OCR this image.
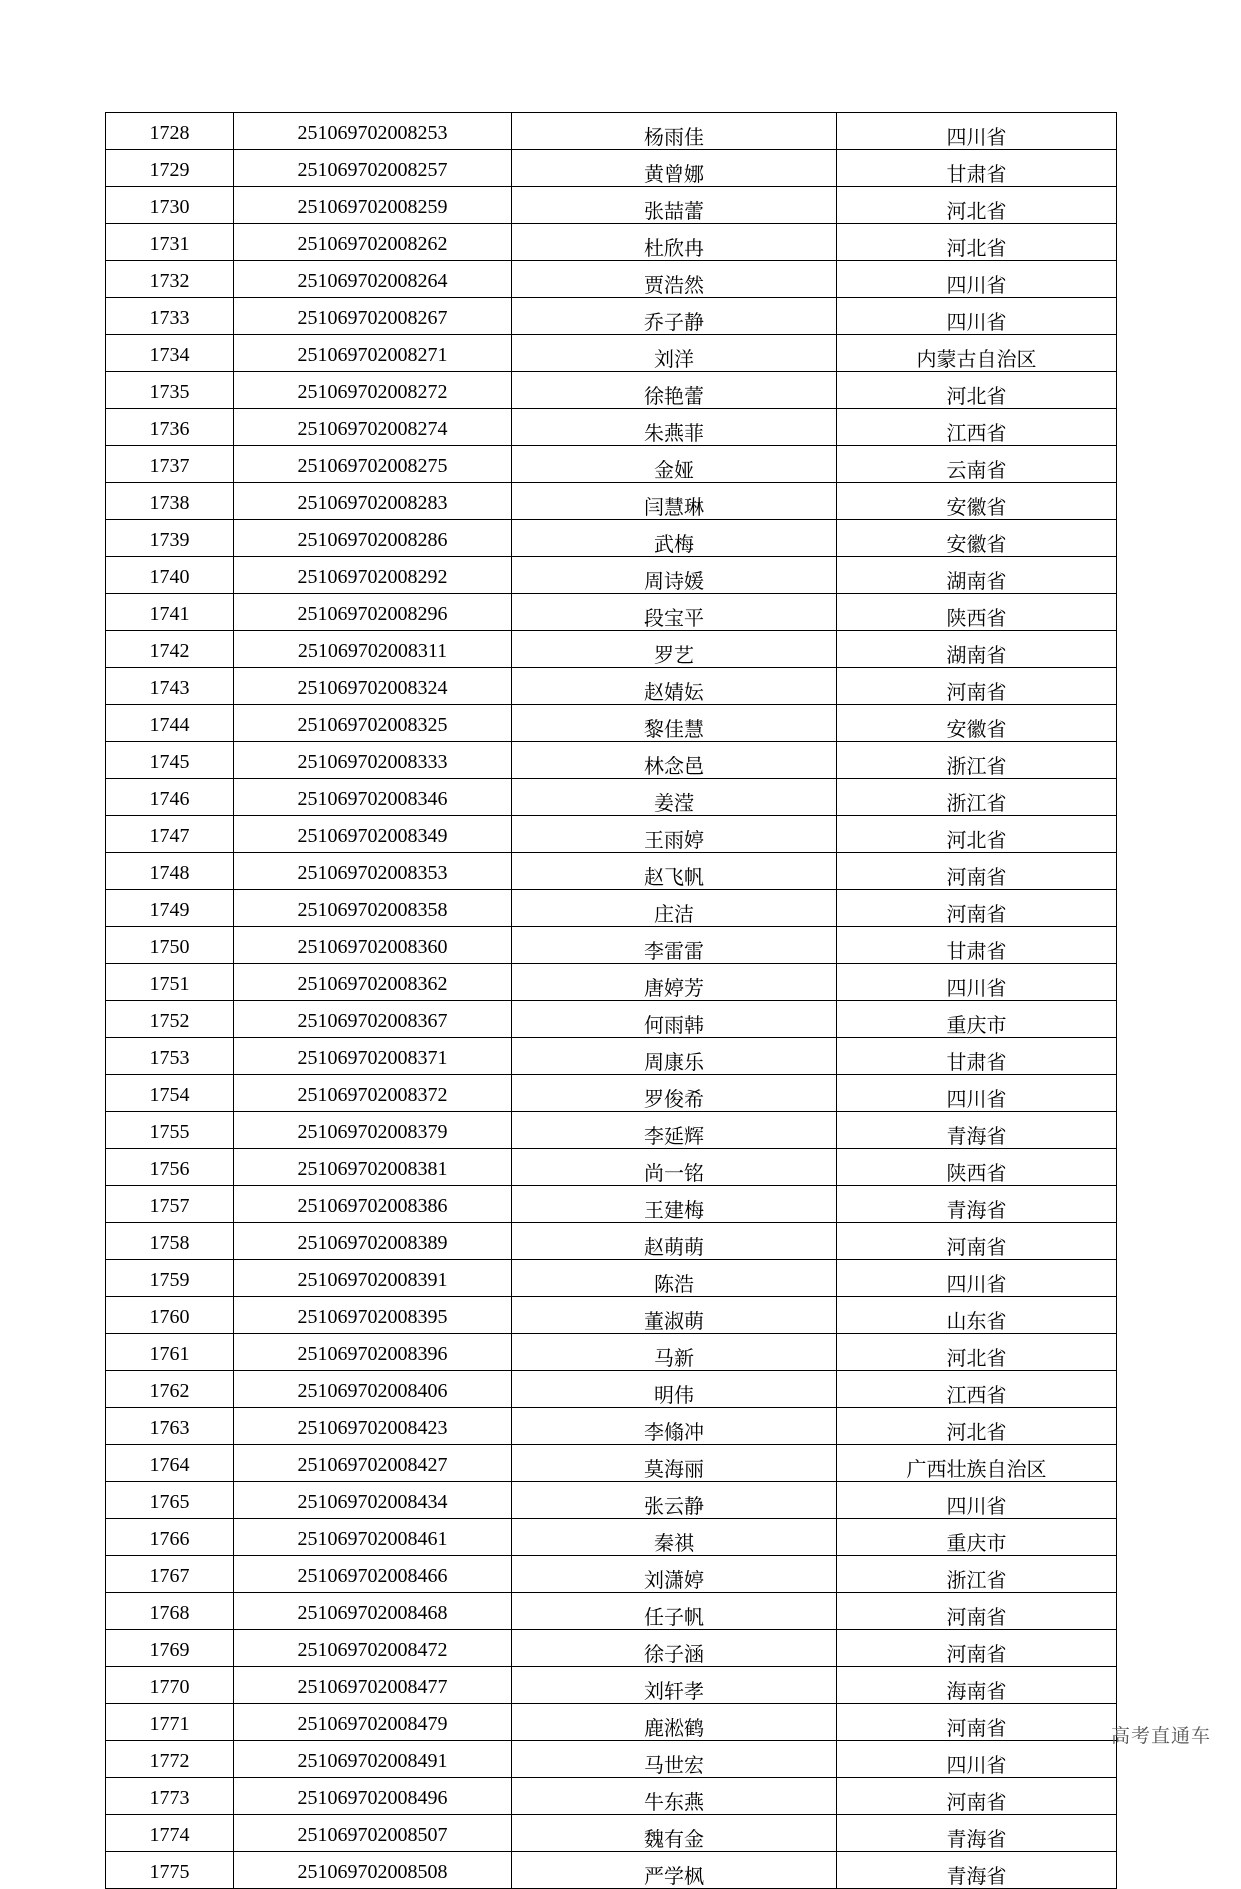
1728	251069702008253	杨雨佳	四川省
1729	251069702008257	黄曾娜	甘肃省
1730	251069702008259	张喆蕾	河北省
1731	251069702008262	杜欣冉	河北省
1732	251069702008264	贾浩然	四川省
1733	251069702008267	乔子静	四川省
1734	251069702008271	刘洋	内蒙古自治区
1735	251069702008272	徐艳蕾	河北省
1736	251069702008274	朱燕菲	江西省
1737	251069702008275	金娅	云南省
1738	251069702008283	闫慧琳	安徽省
1739	251069702008286	武梅	安徽省
1740	251069702008292	周诗媛	湖南省
1741	251069702008296	段宝平	陕西省
1742	251069702008311	罗艺	湖南省
1743	251069702008324	赵婧妘	河南省
1744	251069702008325	黎佳慧	安徽省
1745	251069702008333	林念邑	浙江省
1746	251069702008346	姜滢	浙江省
1747	251069702008349	王雨婷	河北省
1748	251069702008353	赵飞帆	河南省
1749	251069702008358	庄洁	河南省
1750	251069702008360	李雷雷	甘肃省
1751	251069702008362	唐婷芳	四川省
1752	251069702008367	何雨韩	重庆市
1753	251069702008371	周康乐	甘肃省
1754	251069702008372	罗俊希	四川省
1755	251069702008379	李延辉	青海省
1756	251069702008381	尚一铭	陕西省
1757	251069702008386	王建梅	青海省
1758	251069702008389	赵萌萌	河南省
1759	251069702008391	陈浩	四川省
1760	251069702008395	董淑萌	山东省
1761	251069702008396	马新	河北省
1762	251069702008406	明伟	江西省
1763	251069702008423	李翛冲	河北省
1764	251069702008427	莫海丽	广西壮族自治区
1765	251069702008434	张云静	四川省
1766	251069702008461	秦祺	重庆市
1767	251069702008466	刘潇婷	浙江省
1768	251069702008468	任子帆	河南省
1769	251069702008472	徐子涵	河南省
1770	251069702008477	刘轩孝	海南省
1771	251069702008479	鹿淞鹤	河南省
1772	251069702008491	马世宏	四川省
1773	251069702008496	牛东燕	河南省
1774	251069702008507	魏有金	青海省
1775	251069702008508	严学枫	青海省
高考直通车
